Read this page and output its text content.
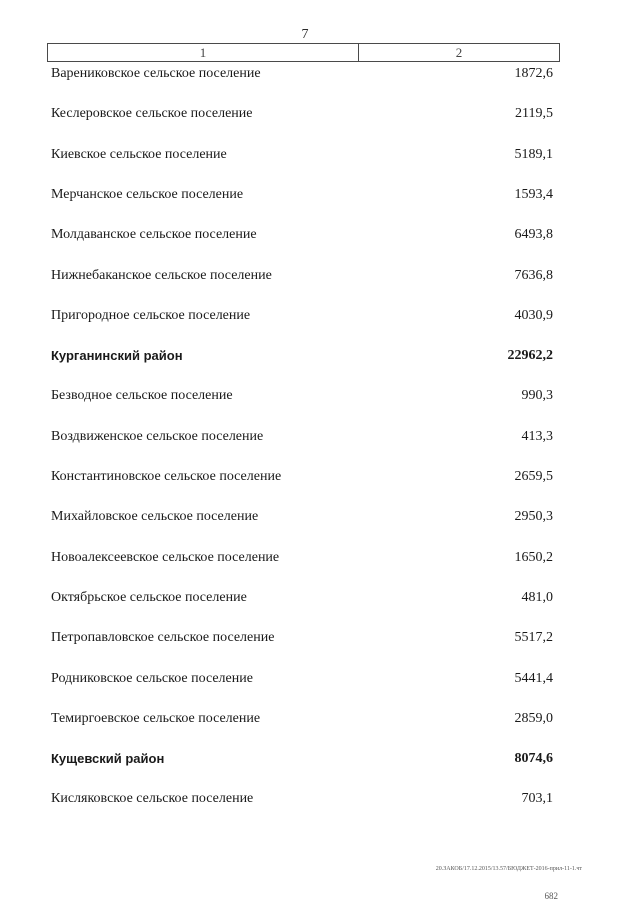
7
1	2
Варениковское сельское поселение	1872,6
Кеслеровское сельское поселение	2119,5
Киевское сельское поселение	5189,1
Мерчанское сельское поселение	1593,4
Молдаванское сельское поселение	6493,8
Нижнебаканское сельское поселение	7636,8
Пригородное сельское поселение	4030,9
Курганинский район	22962,2
Безводное сельское поселение	990,3
Воздвиженское сельское поселение	413,3
Константиновское сельское поселение	2659,5
Михайловское сельское поселение	2950,3
Новоалексеевское сельское поселение	1650,2
Октябрьское сельское поселение	481,0
Петропавловское сельское поселение	5517,2
Родниковское сельское поселение	5441,4
Темиргоевское сельское поселение	2859,0
Кущевский район	8074,6
Кисляковское сельское поселение	703,1
20.ЗАКОБ/17.12.2015/13.57/БЮДЖЕТ-2016-прил-11-1.чт
682
